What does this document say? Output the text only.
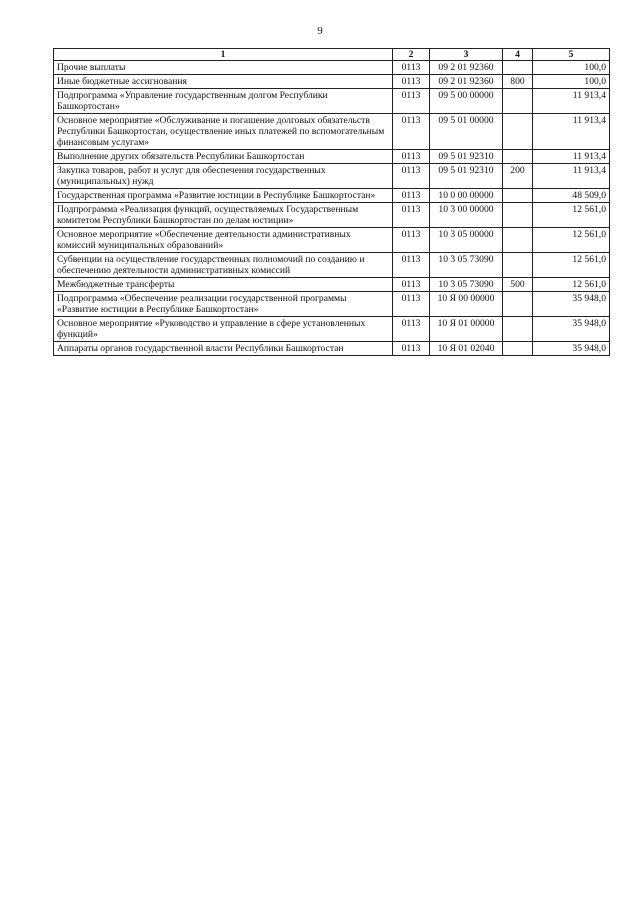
9
1	2	3	4	5
Прочие выплаты	0113	09 2 01 92360		100,0
Иные бюджетные ассигнования	0113	09 2 01 92360	800	100,0
Подпрограмма «Управление государственным долгом Республики Башкортостан»	0113	09 5 00 00000		11 913,4
Основное мероприятие «Обслуживание и погашение долговых обязательств Республики Башкортостан, осуществление иных платежей по вспомогательным финансовым услугам»	0113	09 5 01 00000		11 913,4
Выполнение других обязательств Республики Башкортостан	0113	09 5 01 92310		11 913,4
Закупка товаров, работ и услуг для обеспечения государственных (муниципальных) нужд	0113	09 5 01 92310	200	11 913,4
Государственная программа «Развитие юстиции в Республике Башкортостан»	0113	10 0 00 00000		48 509,0
Подпрограмма «Реализация функций, осуществляемых Государственным комитетом Республики Башкортостан по делам юстиции»	0113	10 3 00 00000		12 561,0
Основное мероприятие «Обеспечение деятельности административных комиссий муниципальных образований»	0113	10 3 05 00000		12 561,0
Субвенции на осуществление государственных полномочий по созданию и обеспечению деятельности административных комиссий	0113	10 3 05 73090		12 561,0
Межбюджетные трансферты	0113	10 3 05 73090	500	12 561,0
Подпрограмма «Обеспечение реализации государственной программы «Развитие юстиции в Республике Башкортостан»	0113	10 Я 00 00000		35 948,0
Основное мероприятие «Руководство и управление в сфере установленных функций»	0113	10 Я 01 00000		35 948,0
Аппараты органов государственной власти Республики Башкортостан	0113	10 Я 01 02040		35 948,0
